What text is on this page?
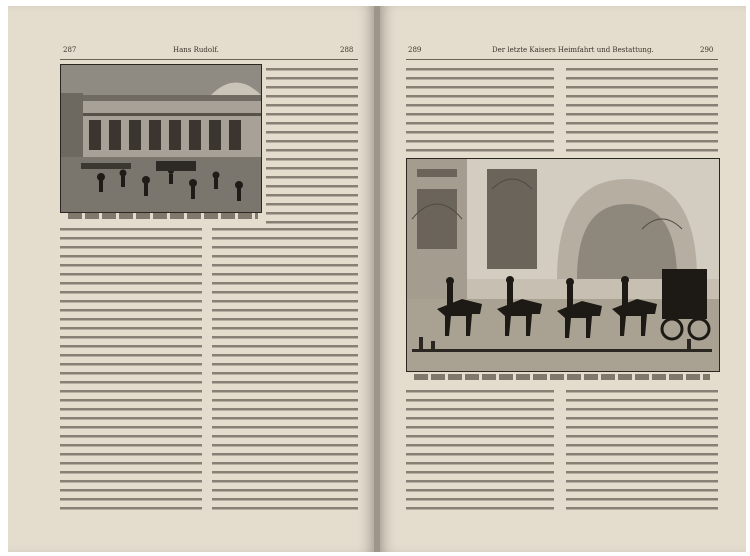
287	Hans Rudolf.	288	289	Der letzte Kaisers Heimfahrt und Bestattung.	290
